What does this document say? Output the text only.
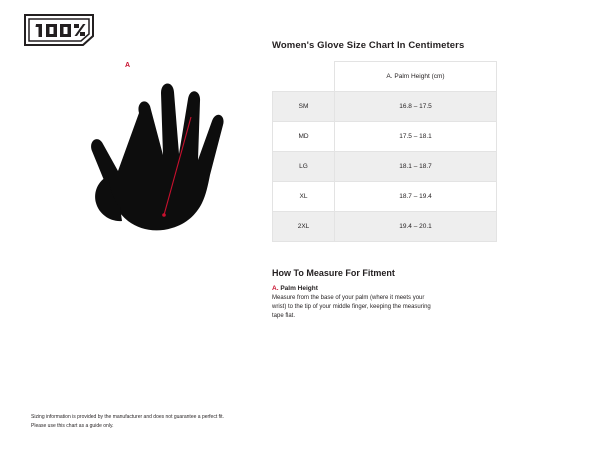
A
Women's Glove Size Chart In Centimeters
	A. Palm Height (cm)
SM	16.8 – 17.5
MD	17.5 – 18.1
LG	18.1 – 18.7
XL	18.7 – 19.4
2XL	19.4 – 20.1
How To Measure For Fitment

A. Palm Height

Measure from the base of your palm (where it meets your wrist) to the tip of your middle finger, keeping the measuring tape flat.

Sizing information is provided by the manufacturer and does not guarantee a perfect fit.

Please use this chart as a guide only.
